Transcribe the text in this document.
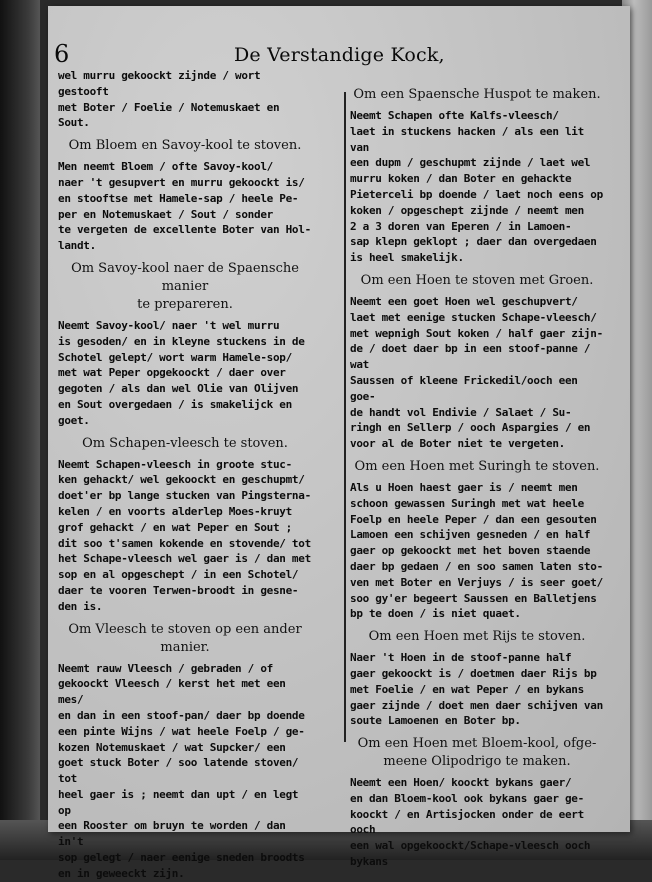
6	De Verstandige Kock,

wel murru gekoockt zijnde / wort gestooft
met Boter / Foelie / Notemuskaet en
Sout.

Om Bloem en Savoy-kool te stoven.

Men neemt Bloem / ofte Savoy-kool/
naer 't gesupvert en murru gekoockt is/
en stooftse met Hamele-sap / heele Pe-
per en Notemuskaet / Sout / sonder
te vergeten de excellente Boter van Hol-
landt.

Om Savoy-kool naer de Spaensche manier
te prepareren.

Neemt Savoy-kool/ naer 't wel murru
is gesoden/ en in kleyne stuckens in de
Schotel gelept/ wort warm Hamele-sop/
met wat Peper opgekoockt / daer over
gegoten / als dan wel Olie van Olijven
en Sout overgedaen / is smakelijck en
goet.

Om Schapen-vleesch te stoven.

Neemt Schapen-vleesch in groote stuc-
ken gehackt/ wel gekoockt en geschupmt/
doet'er bp lange stucken van Pingsterna-
kelen / en voorts alderlep Moes-kruyt
grof gehackt / en wat Peper en Sout ;
dit soo t'samen kokende en stovende/ tot
het Schape-vleesch wel gaer is / dan met
sop en al opgeschept / in een Schotel/
daer te vooren Terwen-broodt in gesne-
den is.

Om Vleesch te stoven op een ander
manier.

Neemt rauw Vleesch / gebraden / of
gekoockt Vleesch / kerst het met een mes/
en dan in een stoof-pan/ daer bp doende
een pinte Wijns / wat heele Foelp / ge-
kozen Notemuskaet / wat Supcker/ een
goet stuck Boter / soo latende stoven/ tot
heel gaer is ; neemt dan upt / en legt op
een Rooster om bruyn te worden / dan in't
sop gelegt / naer eenige sneden broodts
en in geweeckt zijn.

Om een Spaensche Huspot te maken.

Neemt Schapen ofte Kalfs-vleesch/
laet in stuckens hacken / als een lit van
een dupm / geschupmt zijnde / laet wel
murru koken / dan Boter en gehackte
Pieterceli bp doende / laet noch eens op
koken / opgeschept zijnde / neemt men
2 a 3 doren van Eperen / in Lamoen-
sap klepn geklopt ; daer dan overgedaen
is heel smakelijk.

Om een Hoen te stoven met Groen.

Neemt een goet Hoen wel geschupvert/
laet met eenige stucken Schape-vleesch/
met wepnigh Sout koken / half gaer zijn-
de / doet daer bp in een stoof-panne / wat
Saussen of kleene Frickedil/ooch een goe-
de handt vol Endivie / Salaet / Su-
ringh en Sellerp / ooch Aspargies / en
voor al de Boter niet te vergeten.

Om een Hoen met Suringh te stoven.

Als u Hoen haest gaer is / neemt men
schoon gewassen Suringh met wat heele
Foelp en heele Peper / dan een gesouten
Lamoen een schijven gesneden / en half
gaer op gekoockt met het boven staende
daer bp gedaen / en soo samen laten sto-
ven met Boter en Verjuys / is seer goet/
soo gy'er begeert Saussen en Balletjens
bp te doen / is niet quaet.

Om een Hoen met Rijs te stoven.

Naer 't Hoen in de stoof-panne half
gaer gekoockt is / doetmen daer Rijs bp
met Foelie / en wat Peper / en bykans
gaer zijnde / doet men daer schijven van
soute Lamoenen en Boter bp.

Om een Hoen met Bloem-kool, ofge-
meene Olipodrigo te maken.

Neemt een Hoen/ koockt bykans gaer/
en dan Bloem-kool ook bykans gaer ge-
koockt / en Artisjocken onder de eert ooch
een wal opgekoockt/Schape-vleesch ooch
bykans
